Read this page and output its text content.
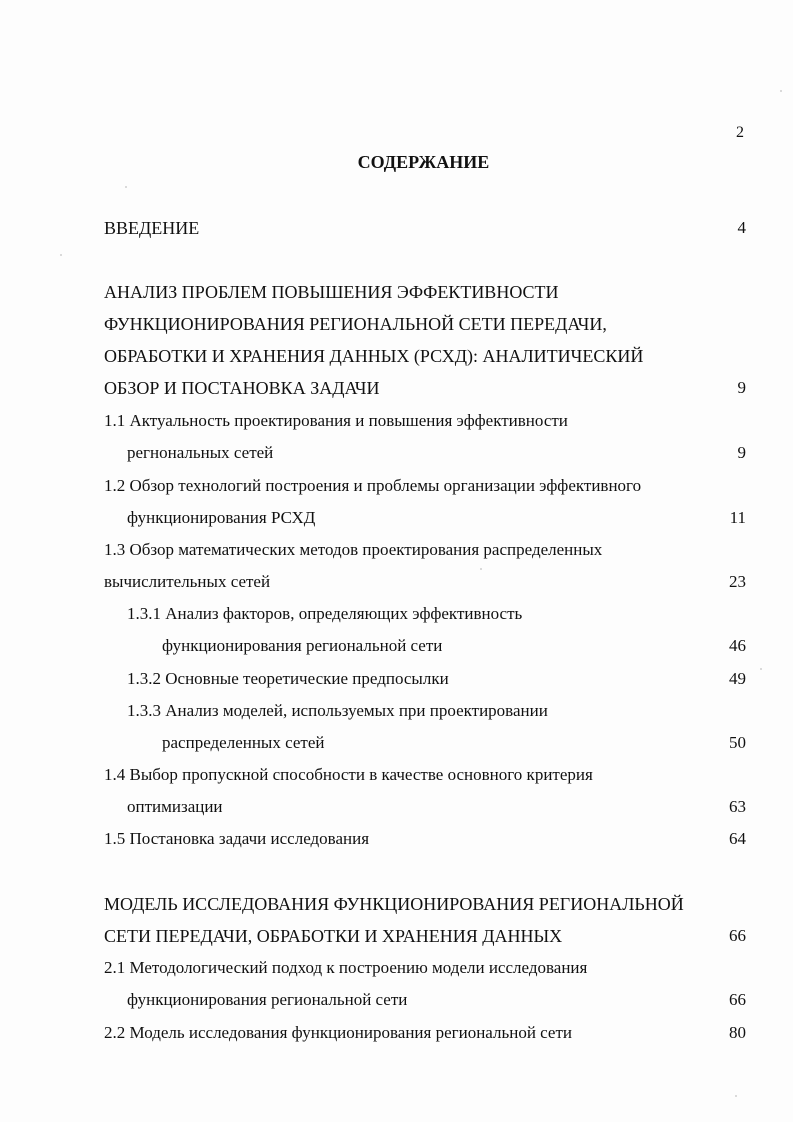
2
СОДЕРЖАНИЕ
ВВЕДЕНИЕ	4
АНАЛИЗ ПРОБЛЕМ ПОВЫШЕНИЯ ЭФФЕКТИВНОСТИ
ФУНКЦИОНИРОВАНИЯ РЕГИОНАЛЬНОЙ СЕТИ ПЕРЕДАЧИ,
ОБРАБОТКИ И ХРАНЕНИЯ ДАННЫХ (РСХД): АНАЛИТИЧЕСКИЙ
ОБЗОР И ПОСТАНОВКА ЗАДАЧИ	9
1.1 Актуальность проектирования и повышения эффективности
регнональных сетей	9
1.2 Обзор технологий построения и проблемы организации эффективного
функционирования РСХД	11
1.3 Обзор математических методов проектирования распределенных
вычислительных сетей	23
1.3.1 Анализ факторов, определяющих эффективность
функционирования региональной сети	46
1.3.2 Основные теоретические предпосылки	49
1.3.3 Анализ моделей, используемых при проектировании
распределенных сетей	50
1.4 Выбор пропускной способности в качестве основного критерия
оптимизации	63
1.5 Постановка задачи исследования	64
МОДЕЛЬ ИССЛЕДОВАНИЯ ФУНКЦИОНИРОВАНИЯ РЕГИОНАЛЬНОЙ
СЕТИ ПЕРЕДАЧИ, ОБРАБОТКИ И ХРАНЕНИЯ ДАННЫХ	66
2.1 Методологический подход к построению модели исследования
функционирования региональной сети	66
2.2 Модель исследования функционирования региональной сети	80
